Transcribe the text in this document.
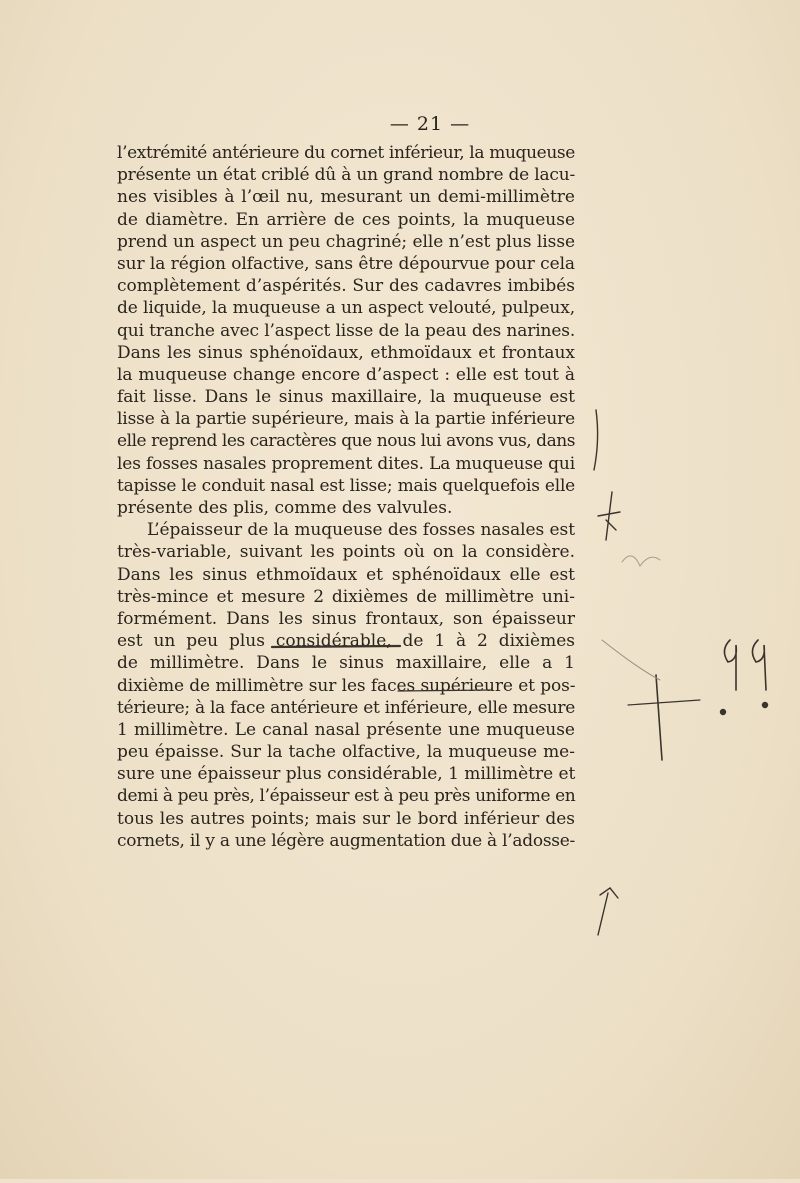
— 21 —
l’extrémité antérieure du cornet inférieur, la muqueuse
présente un état criblé dû à un grand nombre de lacu-
nes visibles à l’œil nu, mesurant un demi-millimètre
de diamètre. En arrière de ces points, la muqueuse
prend un aspect un peu chagriné; elle n’est plus lisse
sur la région olfactive, sans être dépourvue pour cela
complètement d’aspérités. Sur des cadavres imbibés
de liquide, la muqueuse a un aspect velouté, pulpeux,
qui tranche avec l’aspect lisse de la peau des narines.
Dans les sinus sphénoïdaux, ethmoïdaux et frontaux
la muqueuse change encore d’aspect : elle est tout à
fait lisse. Dans le sinus maxillaire, la muqueuse est
lisse à la partie supérieure, mais à la partie inférieure
elle reprend les caractères que nous lui avons vus, dans
les fosses nasales proprement dites. La muqueuse qui
tapisse le conduit nasal est lisse; mais quelquefois elle
présente des plis, comme des valvules.
L’épaisseur de la muqueuse des fosses nasales est
très-variable, suivant les points où on la considère.
Dans les sinus ethmoïdaux et sphénoïdaux elle est
très-mince et mesure 2 dixièmes de millimètre uni-
formément. Dans les sinus frontaux, son épaisseur
est un peu plus considérable, de 1 à 2 dixièmes
de millimètre. Dans le sinus maxillaire, elle a 1
dixième de millimètre sur les faces supérieure et pos-
térieure; à la face antérieure et inférieure, elle mesure
1 millimètre. Le canal nasal présente une muqueuse
peu épaisse. Sur la tache olfactive, la muqueuse me-
sure une épaisseur plus considérable, 1 millimètre et
demi à peu près, l’épaisseur est à peu près uniforme en
tous les autres points; mais sur le bord inférieur des
cornets, il y a une légère augmentation due à l’adosse-
